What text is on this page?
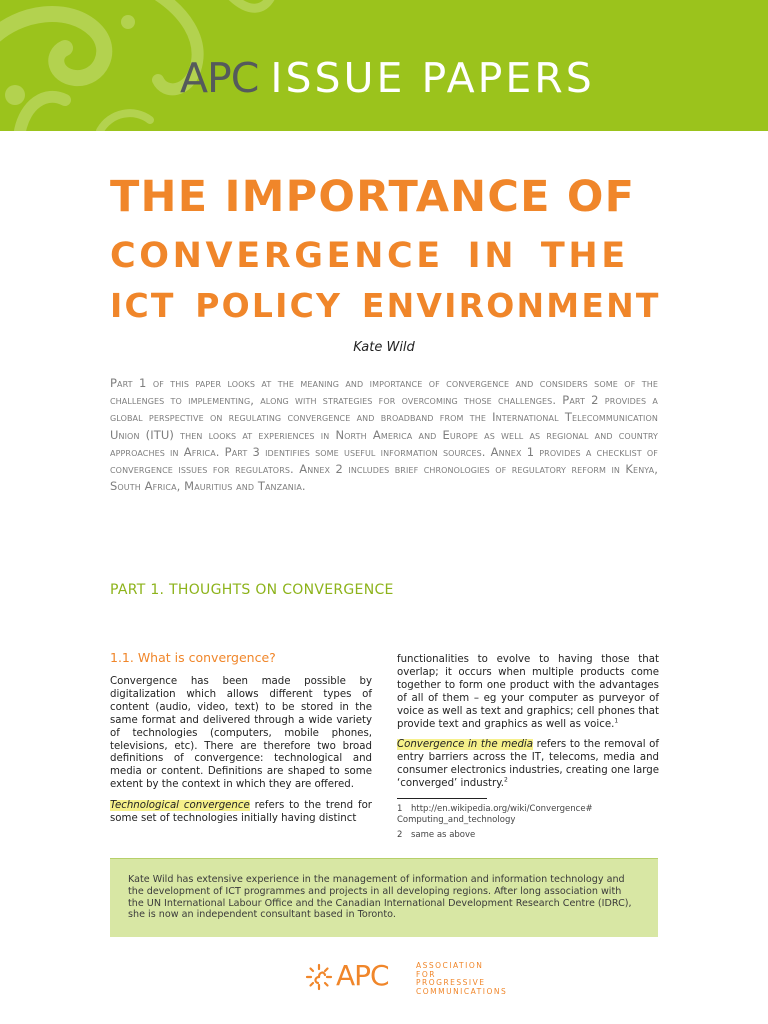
APC ISSUE PAPERS
THE IMPORTANCE OF
CONVERGENCE IN THE
ICT POLICY ENVIRONMENT
Kate Wild
Part 1 of this paper looks at the meaning and importance of convergence and considers some of the challenges to implementing, along with strategies for overcoming those challenges. Part 2 provides a global perspective on regulating convergence and broadband from the International Telecommunication Union (ITU) then looks at experiences in North America and Europe as well as regional and country approaches in Africa. Part 3 identifies some useful information sources. Annex 1 provides a checklist of convergence issues for regulators. Annex 2 includes brief chronologies of regulatory reform in Kenya, South Africa, Mauritius and Tanzania.
PART 1. THOUGHTS ON CONVERGENCE
1.1. What is convergence?

Convergence has been made possible by digitalization which allows different types of content (audio, video, text) to be stored in the same format and delivered through a wide variety of technologies (computers, mobile phones, televisions, etc). There are therefore two broad definitions of convergence: technological and media or content. Definitions are shaped to some extent by the context in which they are offered.

Technological convergence refers to the trend for some set of technologies initially having distinct

functionalities to evolve to having those that overlap; it occurs when multiple products come together to form one product with the advantages of all of them – eg your computer as purveyor of voice as well as text and graphics; cell phones that provide text and graphics as well as voice.$^1$

Convergence in the media refers to the removal of entry barriers across the IT, telecoms, media and consumer electronics industries, creating one large ‘converged’ industry.$^2$

1 http://en.wikipedia.org/wiki/Convergence#Computing_and_technology
2 same as above
Kate Wild has extensive experience in the management of information and information technology and the development of ICT programmes and projects in all developing regions. After long association with the UN International Labour Office and the Canadian International Development Research Centre (IDRC), she is now an independent consultant based in Toronto.
APC	ASSOCIATION
FOR PROGRESSIVE
COMMUNICATIONS
